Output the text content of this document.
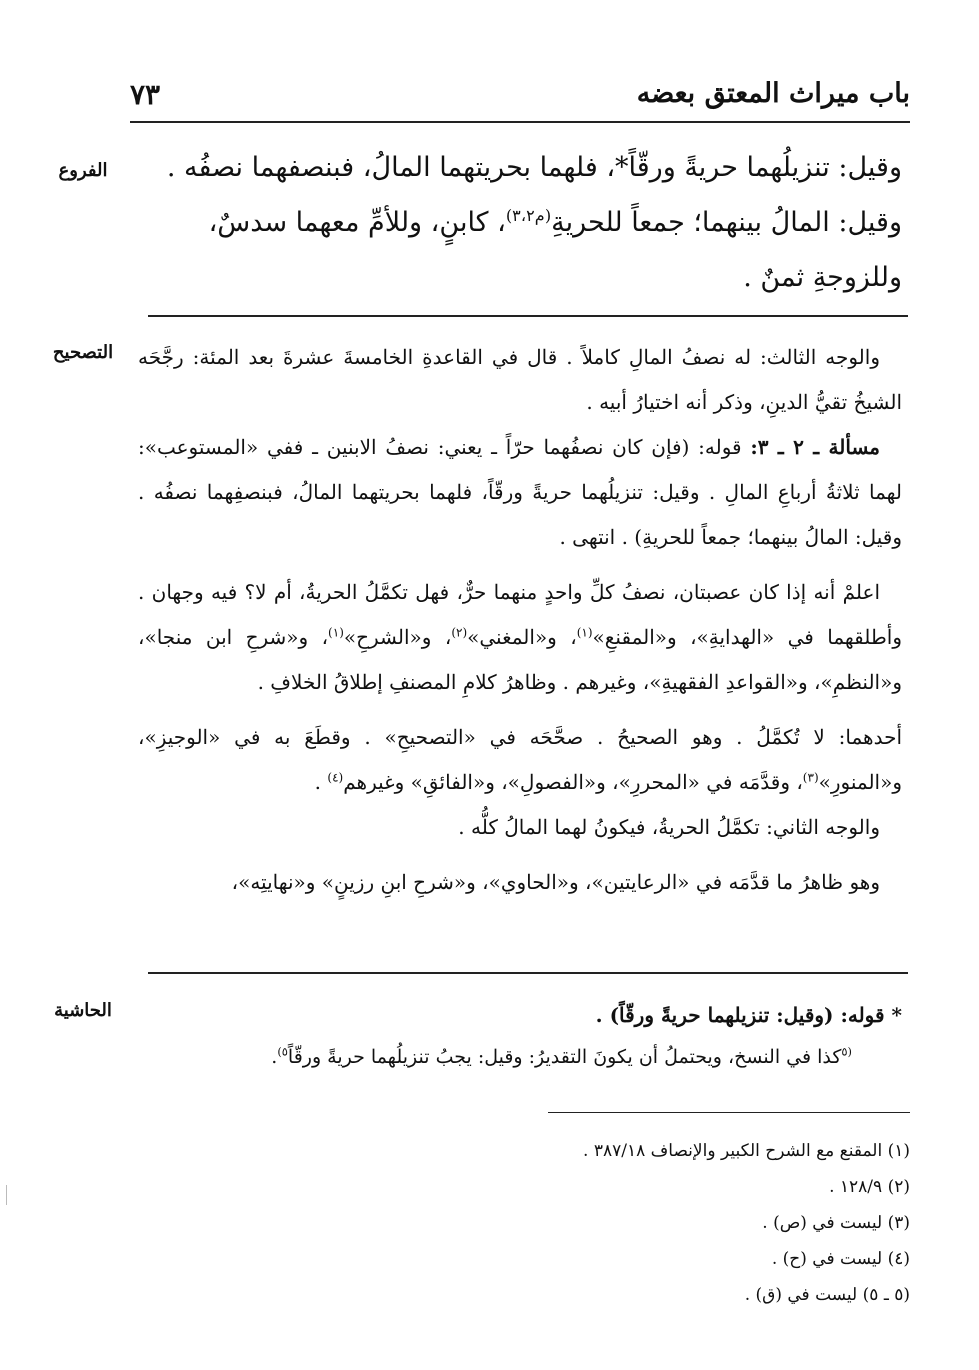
باب ميراث المعتق بعضه
٧٣
الفروع	وقيل: تنزيلُهما حريةً ورقّاً*، فلهما بحريتهما المالُ، فبنصفهما نصفُه .

وقيل: المالُ بينهما؛ جمعاً للحريةِ$^{(م٣،٢)}$، كابنٍ، وللأمِّ معهما سدسٌ،

وللزوجةِ ثمنٌ .

التصحيح	والوجه الثالث: له نصفُ المالِ كاملاً . قال في القاعدةِ الخامسةَ عشرةَ بعد المئة: رجَّحَه الشيخُ تقيُّ الدينِ، وذكر أنه اختيارُ أبيه .

مسألة ـ ٢ ـ ٣: قوله: (فإن كان نصفُهما حرّاً ـ يعني: نصفُ الابنين ـ ففي «المستوعب»: لهما ثلاثةُ أرباعِ المالِ . وقيل: تنزيلُهما حريةً ورقّاً، فلهما بحريتهما المالُ، فبنصفِهما نصفُه . وقيل: المالُ بينهما؛ جمعاً للحريةِ) . انتهى .

اعلمْ أنه إذا كان عصبتان، نصفُ كلِّ واحدٍ منهما حرٌّ، فهل تكمَّلُ الحريةُ، أم لا؟ فيه وجهان . وأطلقهما في «الهدايةِ»، و«المقنعِ»$^{(١)}$، و«المغني»$^{(٢)}$، و«الشرحِ»$^{(١)}$، و«شرحِ ابن منجا»، و«النظمِ»، و«القواعدِ الفقهيةِ»، وغيرهم . وظاهرُ كلامِ المصنفِ إطلاقُ الخلافِ .

أحدهما: لا تُكمَّلُ . وهو الصحيحُ . صحَّحَه في «التصحيحِ» . وقطَعَ به في «الوجيزِ»، و«المنورِ»$^{(٣)}$، وقدَّمَه في «المحررِ»، و«الفصولِ»، و«الفائقِ» وغيرهم$^{(٤)}$ .

والوجه الثاني: تكمَّلُ الحريةُ، فيكونُ لهما المالُ كلُّه .

وهو ظاهرُ ما قدَّمَه في «الرعايتين»، و«الحاوي»، و«شرحِ ابنِ رزينٍ» و«نهايتِه»،

الحاشية	* قوله: (وقيل: تنزيلهما حريةً ورقّاً) .

$^{(٥}$كذا في النسخ، ويحتملُ أن يكونَ التقديرُ: وقيل: يجبُ تنزيلُهما حريةً ورقّاً$^{٥)}$.

(١) المقنع مع الشرح الكبير والإنصاف ٣٨٧/١٨ .

(٢) ١٢٨/٩ .

(٣) ليست في (ص) .

(٤) ليست في (ح) .

(٥ ـ ٥) ليست في (ق) .
